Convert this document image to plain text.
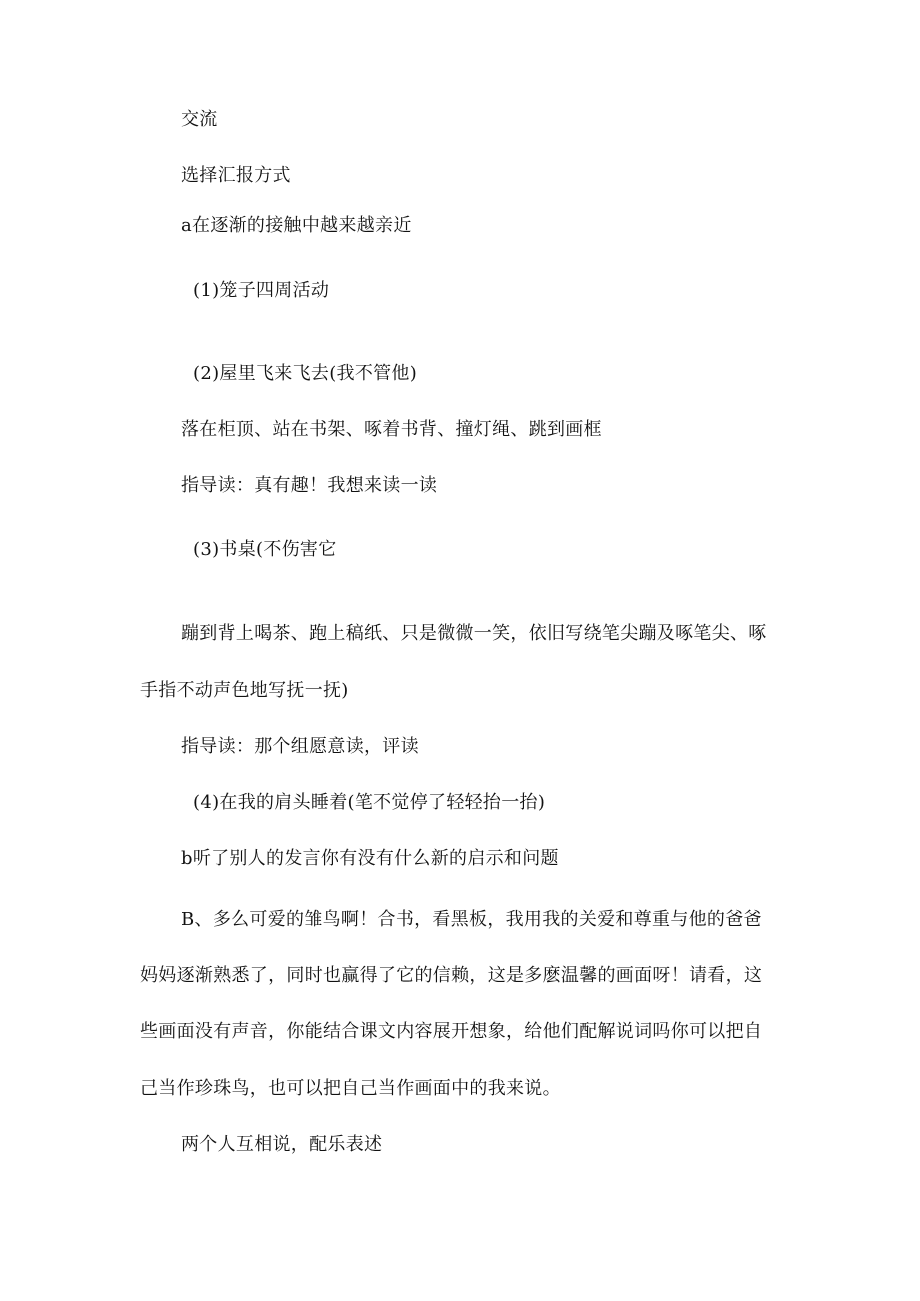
交流
选择汇报方式
a在逐渐的接触中越来越亲近
(1)笼子四周活动
(2)屋里飞来飞去(我不管他)
落在柜顶、站在书架、啄着书背、撞灯绳、跳到画框
指导读：真有趣！我想来读一读
(3)书桌(不伤害它
蹦到背上喝茶、跑上稿纸、只是微微一笑，依旧写绕笔尖蹦及啄笔尖、啄
手指不动声色地写抚一抚)
指导读：那个组愿意读，评读
(4)在我的肩头睡着(笔不觉停了轻轻抬一抬)
b听了别人的发言你有没有什么新的启示和问题
B、多么可爱的雏鸟啊！合书，看黑板，我用我的关爱和尊重与他的爸爸
妈妈逐渐熟悉了，同时也赢得了它的信赖，这是多麽温馨的画面呀！请看，这
些画面没有声音，你能结合课文内容展开想象，给他们配解说词吗你可以把自
己当作珍珠鸟，也可以把自己当作画面中的我来说。
两个人互相说，配乐表述
